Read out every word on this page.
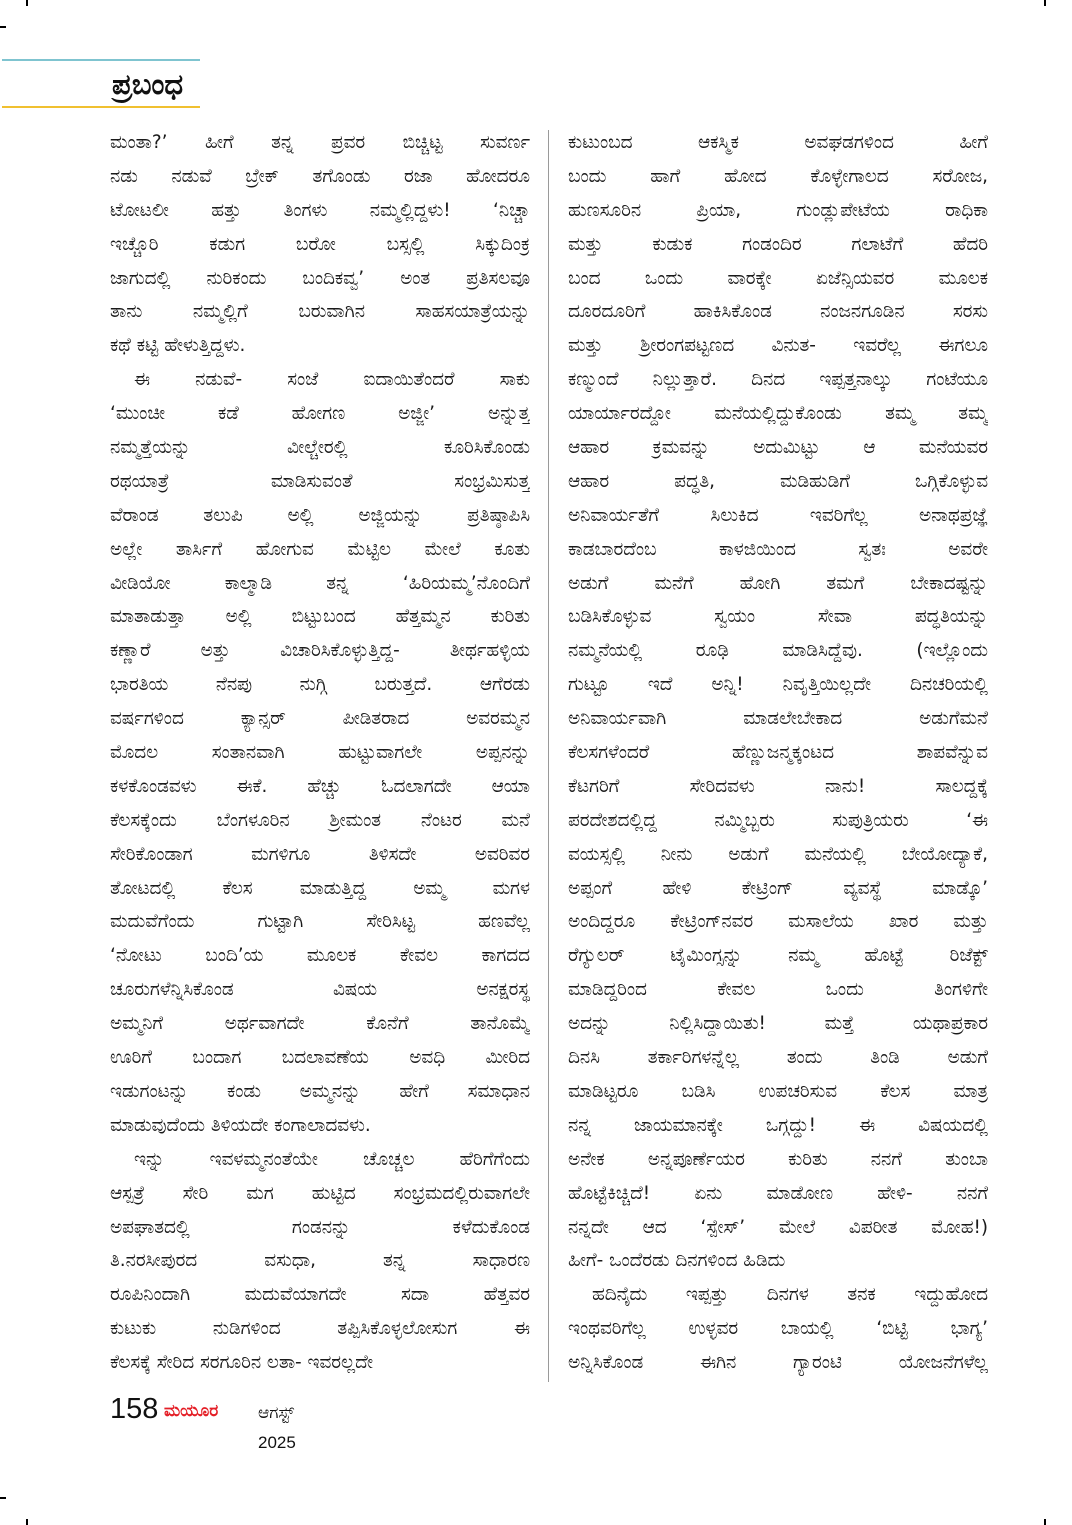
ಪ್ರಬಂಧ
ಮಂತಾ?’ ಹೀಗೆ ತನ್ನ ಪ್ರವರ ಬಿಚ್ಚಿಟ್ಟ ಸುವರ್ಣ
ನಡು ನಡುವೆ ಬ್ರೇಕ್ ತಗೊಂಡು ರಜಾ ಹೋದರೂ
ಟೋಟಲೀ ಹತ್ತು ತಿಂಗಳು ನಮ್ಮಲ್ಲಿದ್ದಳು! ‘ನಿಚ್ಚಾ
ಇಚ್ಚೊರಿ ಕಡುಗ ಬರೋ ಬಸ್ಸಲ್ಲಿ ಸಿಕ್ಕುದಿಂಕ್ರ
ಜಾಗುದಲ್ಲಿ ನುರಿಕಂದು ಬಂದಿಕವ್ವ’ ಅಂತ ಪ್ರತಿಸಲವೂ
ತಾನು ನಮ್ಮಲ್ಲಿಗೆ ಬರುವಾಗಿನ ಸಾಹಸಯಾತ್ರೆಯನ್ನು
ಕಥೆ ಕಟ್ಟಿ ಹೇಳುತ್ತಿದ್ದಳು.
ಈ ನಡುವೆ- ಸಂಜೆ ಐದಾಯಿತೆಂದರೆ ಸಾಕು
‘ಮುಂಚೀ ಕಡೆ ಹೋಗಣ ಅಜ್ಜೀ’ ಅನ್ನುತ್ತ
ನಮ್ಮತ್ತೆಯನ್ನು ವೀಲ್ಚೇರಲ್ಲಿ ಕೂರಿಸಿಕೊಂಡು
ರಥಯಾತ್ರೆ ಮಾಡಿಸುವಂತೆ ಸಂಭ್ರಮಿಸುತ್ತ
ವೆರಾಂಡ ತಲುಪಿ ಅಲ್ಲಿ ಅಜ್ಜಿಯನ್ನು ಪ್ರತಿಷ್ಠಾಪಿಸಿ
ಅಲ್ಲೇ ತಾರ್ಸಿಗೆ ಹೋಗುವ ಮೆಟ್ಟಿಲ ಮೇಲೆ ಕೂತು
ವೀಡಿಯೋ ಕಾಲ್ಮಾಡಿ ತನ್ನ ‘ಹಿರಿಯಮ್ಮ’ನೊಂದಿಗೆ
ಮಾತಾಡುತ್ತಾ ಅಲ್ಲಿ ಬಿಟ್ಟುಬಂದ ಹೆತ್ತಮ್ಮನ ಕುರಿತು
ಕಣ್ಣಾರೆ ಅತ್ತು ವಿಚಾರಿಸಿಕೊಳ್ಳುತ್ತಿದ್ದ- ತೀರ್ಥಹಳ್ಳಿಯ
ಭಾರತಿಯ ನೆನಪು ನುಗ್ಗಿ ಬರುತ್ತದೆ. ಆಗೆರಡು
ವರ್ಷಗಳಿಂದ ಕ್ಯಾನ್ಸರ್ ಪೀಡಿತರಾದ ಅವರಮ್ಮನ
ಮೊದಲ ಸಂತಾನವಾಗಿ ಹುಟ್ಟುವಾಗಲೇ ಅಪ್ಪನನ್ನು
ಕಳಕೊಂಡವಳು ಈಕೆ. ಹೆಚ್ಚು ಓದಲಾಗದೇ ಆಯಾ
ಕೆಲಸಕ್ಕೆಂದು ಬೆಂಗಳೂರಿನ ಶ್ರೀಮಂತ ನೆಂಟರ ಮನೆ
ಸೇರಿಕೊಂಡಾಗ ಮಗಳಿಗೂ ತಿಳಿಸದೇ ಅವರಿವರ
ತೋಟದಲ್ಲಿ ಕೆಲಸ ಮಾಡುತ್ತಿದ್ದ ಅಮ್ಮ ಮಗಳ
ಮದುವೆಗೆಂದು ಗುಟ್ಟಾಗಿ ಸೇರಿಸಿಟ್ಟ ಹಣವೆಲ್ಲ
‘ನೋಟು ಬಂದಿ’ಯ ಮೂಲಕ ಕೇವಲ ಕಾಗದದ
ಚೂರುಗಳೆನ್ನಿಸಿಕೊಂಡ ವಿಷಯ ಅನಕ್ಷರಸ್ಥ
ಅಮ್ಮನಿಗೆ ಅರ್ಥವಾಗದೇ ಕೊನೆಗೆ ತಾನೊಮ್ಮೆ
ಊರಿಗೆ ಬಂದಾಗ ಬದಲಾವಣೆಯ ಅವಧಿ ಮೀರಿದ
ಇಡುಗಂಟನ್ನು ಕಂಡು ಅಮ್ಮನನ್ನು ಹೇಗೆ ಸಮಾಧಾನ
ಮಾಡುವುದೆಂದು ತಿಳಿಯದೇ ಕಂಗಾಲಾದವಳು.
ಇನ್ನು ಇವಳಮ್ಮನಂತೆಯೇ ಚೊಚ್ಚಲ ಹೆರಿಗೆಗೆಂದು
ಆಸ್ಪತ್ರೆ ಸೇರಿ ಮಗ ಹುಟ್ಟಿದ ಸಂಭ್ರಮದಲ್ಲಿರುವಾಗಲೇ
ಅಪಘಾತದಲ್ಲಿ ಗಂಡನನ್ನು ಕಳೆದುಕೊಂಡ
ತಿ.ನರಸೀಪುರದ ವಸುಧಾ, ತನ್ನ ಸಾಧಾರಣ
ರೂಪಿನಿಂದಾಗಿ ಮದುವೆಯಾಗದೇ ಸದಾ ಹೆತ್ತವರ
ಕುಟುಕು ನುಡಿಗಳಿಂದ ತಪ್ಪಿಸಿಕೊಳ್ಳಲೋಸುಗ ಈ
ಕೆಲಸಕ್ಕೆ ಸೇರಿದ ಸರಗೂರಿನ ಲತಾ- ಇವರಲ್ಲದೇ
ಕುಟುಂಬದ ಆಕಸ್ಮಿಕ ಅವಘಡಗಳಿಂದ ಹೀಗೆ
ಬಂದು ಹಾಗೆ ಹೋದ ಕೊಳ್ಳೇಗಾಲದ ಸರೋಜ,
ಹುಣಸೂರಿನ ಪ್ರಿಯಾ, ಗುಂಡ್ಲುಪೇಟೆಯ ರಾಧಿಕಾ
ಮತ್ತು ಕುಡುಕ ಗಂಡಂದಿರ ಗಲಾಟೆಗೆ ಹೆದರಿ
ಬಂದ ಒಂದು ವಾರಕ್ಕೇ ಏಜೆನ್ಸಿಯವರ ಮೂಲಕ
ದೂರದೂರಿಗೆ ಹಾಕಿಸಿಕೊಂಡ ನಂಜನಗೂಡಿನ ಸರಸು
ಮತ್ತು ಶ್ರೀರಂಗಪಟ್ಟಣದ ವಿನುತ- ಇವರೆಲ್ಲ ಈಗಲೂ
ಕಣ್ಮುಂದೆ ನಿಲ್ಲುತ್ತಾರೆ. ದಿನದ ಇಪ್ಪತ್ತನಾಲ್ಕು ಗಂಟೆಯೂ
ಯಾರ್ಯಾರದ್ದೋ ಮನೆಯಲ್ಲಿದ್ದುಕೊಂಡು ತಮ್ಮ ತಮ್ಮ
ಆಹಾರ ಕ್ರಮವನ್ನು ಅದುಮಿಟ್ಟು ಆ ಮನೆಯವರ
ಆಹಾರ ಪದ್ಧತಿ, ಮಡಿಹುಡಿಗೆ ಒಗ್ಗಿಕೊಳ್ಳುವ
ಅನಿವಾರ್ಯತೆಗೆ ಸಿಲುಕಿದ ಇವರಿಗೆಲ್ಲ ಅನಾಥಪ್ರಜ್ಞೆ
ಕಾಡಬಾರದೆಂಬ ಕಾಳಜಿಯಿಂದ ಸ್ವತಃ ಅವರೇ
ಅಡುಗೆ ಮನೆಗೆ ಹೋಗಿ ತಮಗೆ ಬೇಕಾದಷ್ಟನ್ನು
ಬಡಿಸಿಕೊಳ್ಳುವ ಸ್ವಯಂ ಸೇವಾ ಪದ್ಧತಿಯನ್ನು
ನಮ್ಮನೆಯಲ್ಲಿ ರೂಢಿ ಮಾಡಿಸಿದ್ದೆವು. (ಇಲ್ಲೊಂದು
ಗುಟ್ಟೂ ಇದೆ ಅನ್ನಿ! ನಿವೃತ್ತಿಯಿಲ್ಲದೇ ದಿನಚರಿಯಲ್ಲಿ
ಅನಿವಾರ್ಯವಾಗಿ ಮಾಡಲೇಬೇಕಾದ ಅಡುಗೆಮನೆ
ಕೆಲಸಗಳೆಂದರೆ ಹೆಣ್ಣುಜನ್ಮಕ್ಕಂಟದ ಶಾಪವೆನ್ನುವ
ಕೆಟಗರಿಗೆ ಸೇರಿದವಳು ನಾನು! ಸಾಲದ್ದಕ್ಕೆ
ಪರದೇಶದಲ್ಲಿದ್ದ ನಮ್ಮಿಬ್ಬರು ಸುಪುತ್ರಿಯರು ‘ಈ
ವಯಸ್ಸಲ್ಲಿ ನೀನು ಅಡುಗೆ ಮನೆಯಲ್ಲಿ ಬೇಯೋದ್ಯಾಕೆ,
ಅಪ್ಪಂಗೆ ಹೇಳಿ ಕೇಟ್ರಿಂಗ್ ವ್ಯವಸ್ಥೆ ಮಾಡ್ಕೊ’
ಅಂದಿದ್ದರೂ ಕೇಟ್ರಿಂಗ್‌ನವರ ಮಸಾಲೆಯ ಖಾರ ಮತ್ತು
ರೆಗ್ಯುಲರ್ ಟೈಮಿಂಗ್ಸನ್ನು ನಮ್ಮ ಹೊಟ್ಟೆ ರಿಜೆಕ್ಟ್
ಮಾಡಿದ್ದರಿಂದ ಕೇವಲ ಒಂದು ತಿಂಗಳಿಗೇ
ಅದನ್ನು ನಿಲ್ಲಿಸಿದ್ದಾಯಿತು! ಮತ್ತೆ ಯಥಾಪ್ರಕಾರ
ದಿನಸಿ ತರ್ಕಾರಿಗಳನ್ನೆಲ್ಲ ತಂದು ತಿಂಡಿ ಅಡುಗೆ
ಮಾಡಿಟ್ಟರೂ ಬಡಿಸಿ ಉಪಚರಿಸುವ ಕೆಲಸ ಮಾತ್ರ
ನನ್ನ ಜಾಯಮಾನಕ್ಕೇ ಒಗ್ಗದ್ದು! ಈ ವಿಷಯದಲ್ಲಿ
ಅನೇಕ ಅನ್ನಪೂರ್ಣೆಯರ ಕುರಿತು ನನಗೆ ತುಂಬಾ
ಹೊಟ್ಟೆಕಿಚ್ಚಿದೆ! ಏನು ಮಾಡೋಣ ಹೇಳಿ- ನನಗೆ
ನನ್ನದೇ ಆದ ‘ಸ್ಪೇಸ್’ ಮೇಲೆ ವಿಪರೀತ ಮೋಹ!)
ಹೀಗೆ- ಒಂದೆರಡು ದಿನಗಳಿಂದ ಹಿಡಿದು
ಹದಿನೈದು ಇಪ್ಪತ್ತು ದಿನಗಳ ತನಕ ಇದ್ದುಹೋದ
ಇಂಥವರಿಗೆಲ್ಲ ಉಳ್ಳವರ ಬಾಯಲ್ಲಿ ‘ಬಿಟ್ಟಿ ಭಾಗ್ಯ’
ಅನ್ನಿಸಿಕೊಂಡ ಈಗಿನ ಗ್ಯಾರಂಟಿ ಯೋಜನೆಗಳೆಲ್ಲ
158 ಮಯೂರ ಆಗಸ್ಟ್ 2025
